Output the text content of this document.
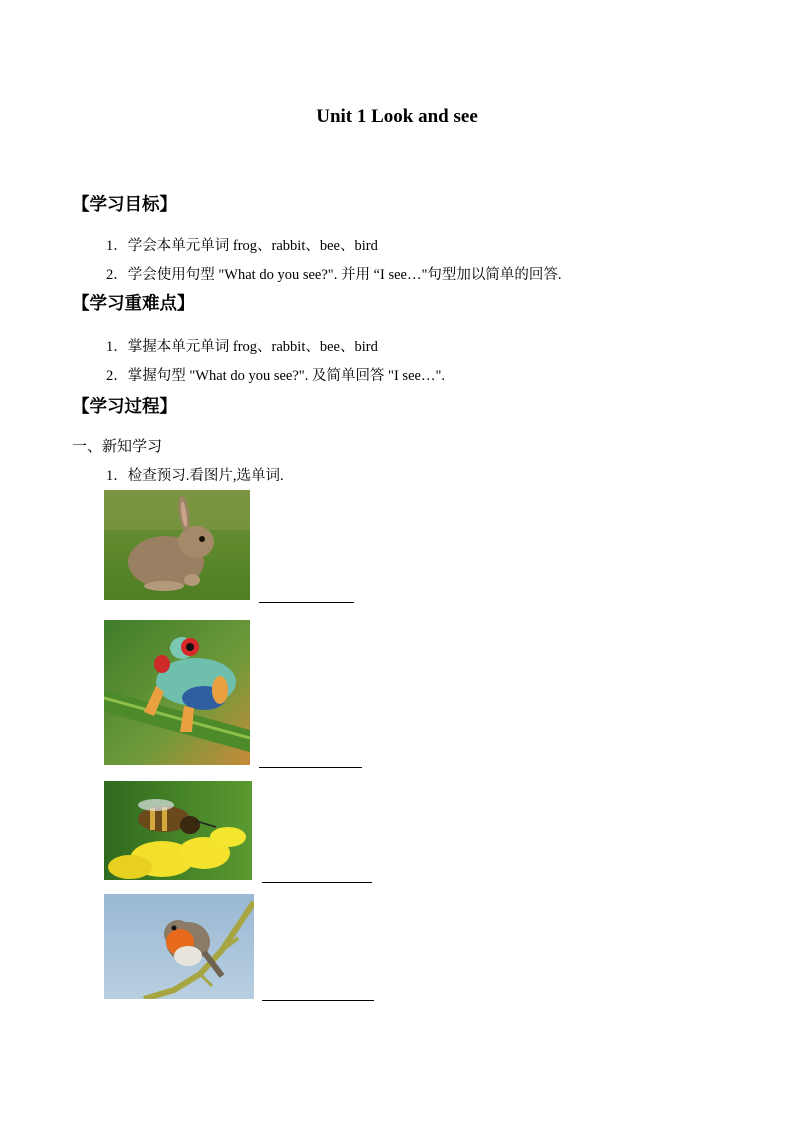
Unit 1 Look and see
【学习目标】
1．学会本单元单词 frog、rabbit、bee、bird
2．学会使用句型 "What do you see?". 并用 “I see…"句型加以简单的回答.
【学习重难点】
1．掌握本单元单词 frog、rabbit、bee、bird
2．掌握句型 "What do you see?". 及简单回答 "I see…".
【学习过程】
一、新知学习
1．检查预习.看图片,选单词.
